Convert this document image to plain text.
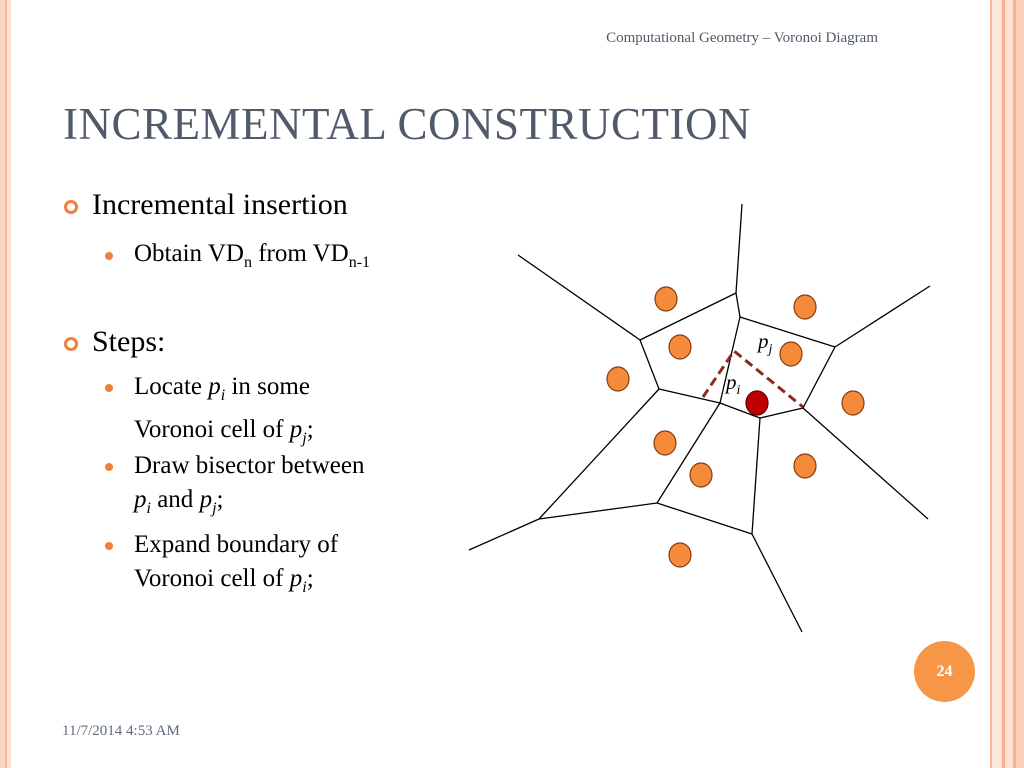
Computational Geometry – Voronoi Diagram
INCREMENTAL CONSTRUCTION
Incremental insertion
Obtain $VD_n$ from $VD_{n-1}$
Steps:
Locate $p_i$ in some
Voronoi cell of $p_j$;
Draw bisector between
$p_i$ and $p_j$;
Expand boundary of
Voronoi cell of $p_i$;
$p_j$
$p_i$
24
11/7/2014 4:53 AM
